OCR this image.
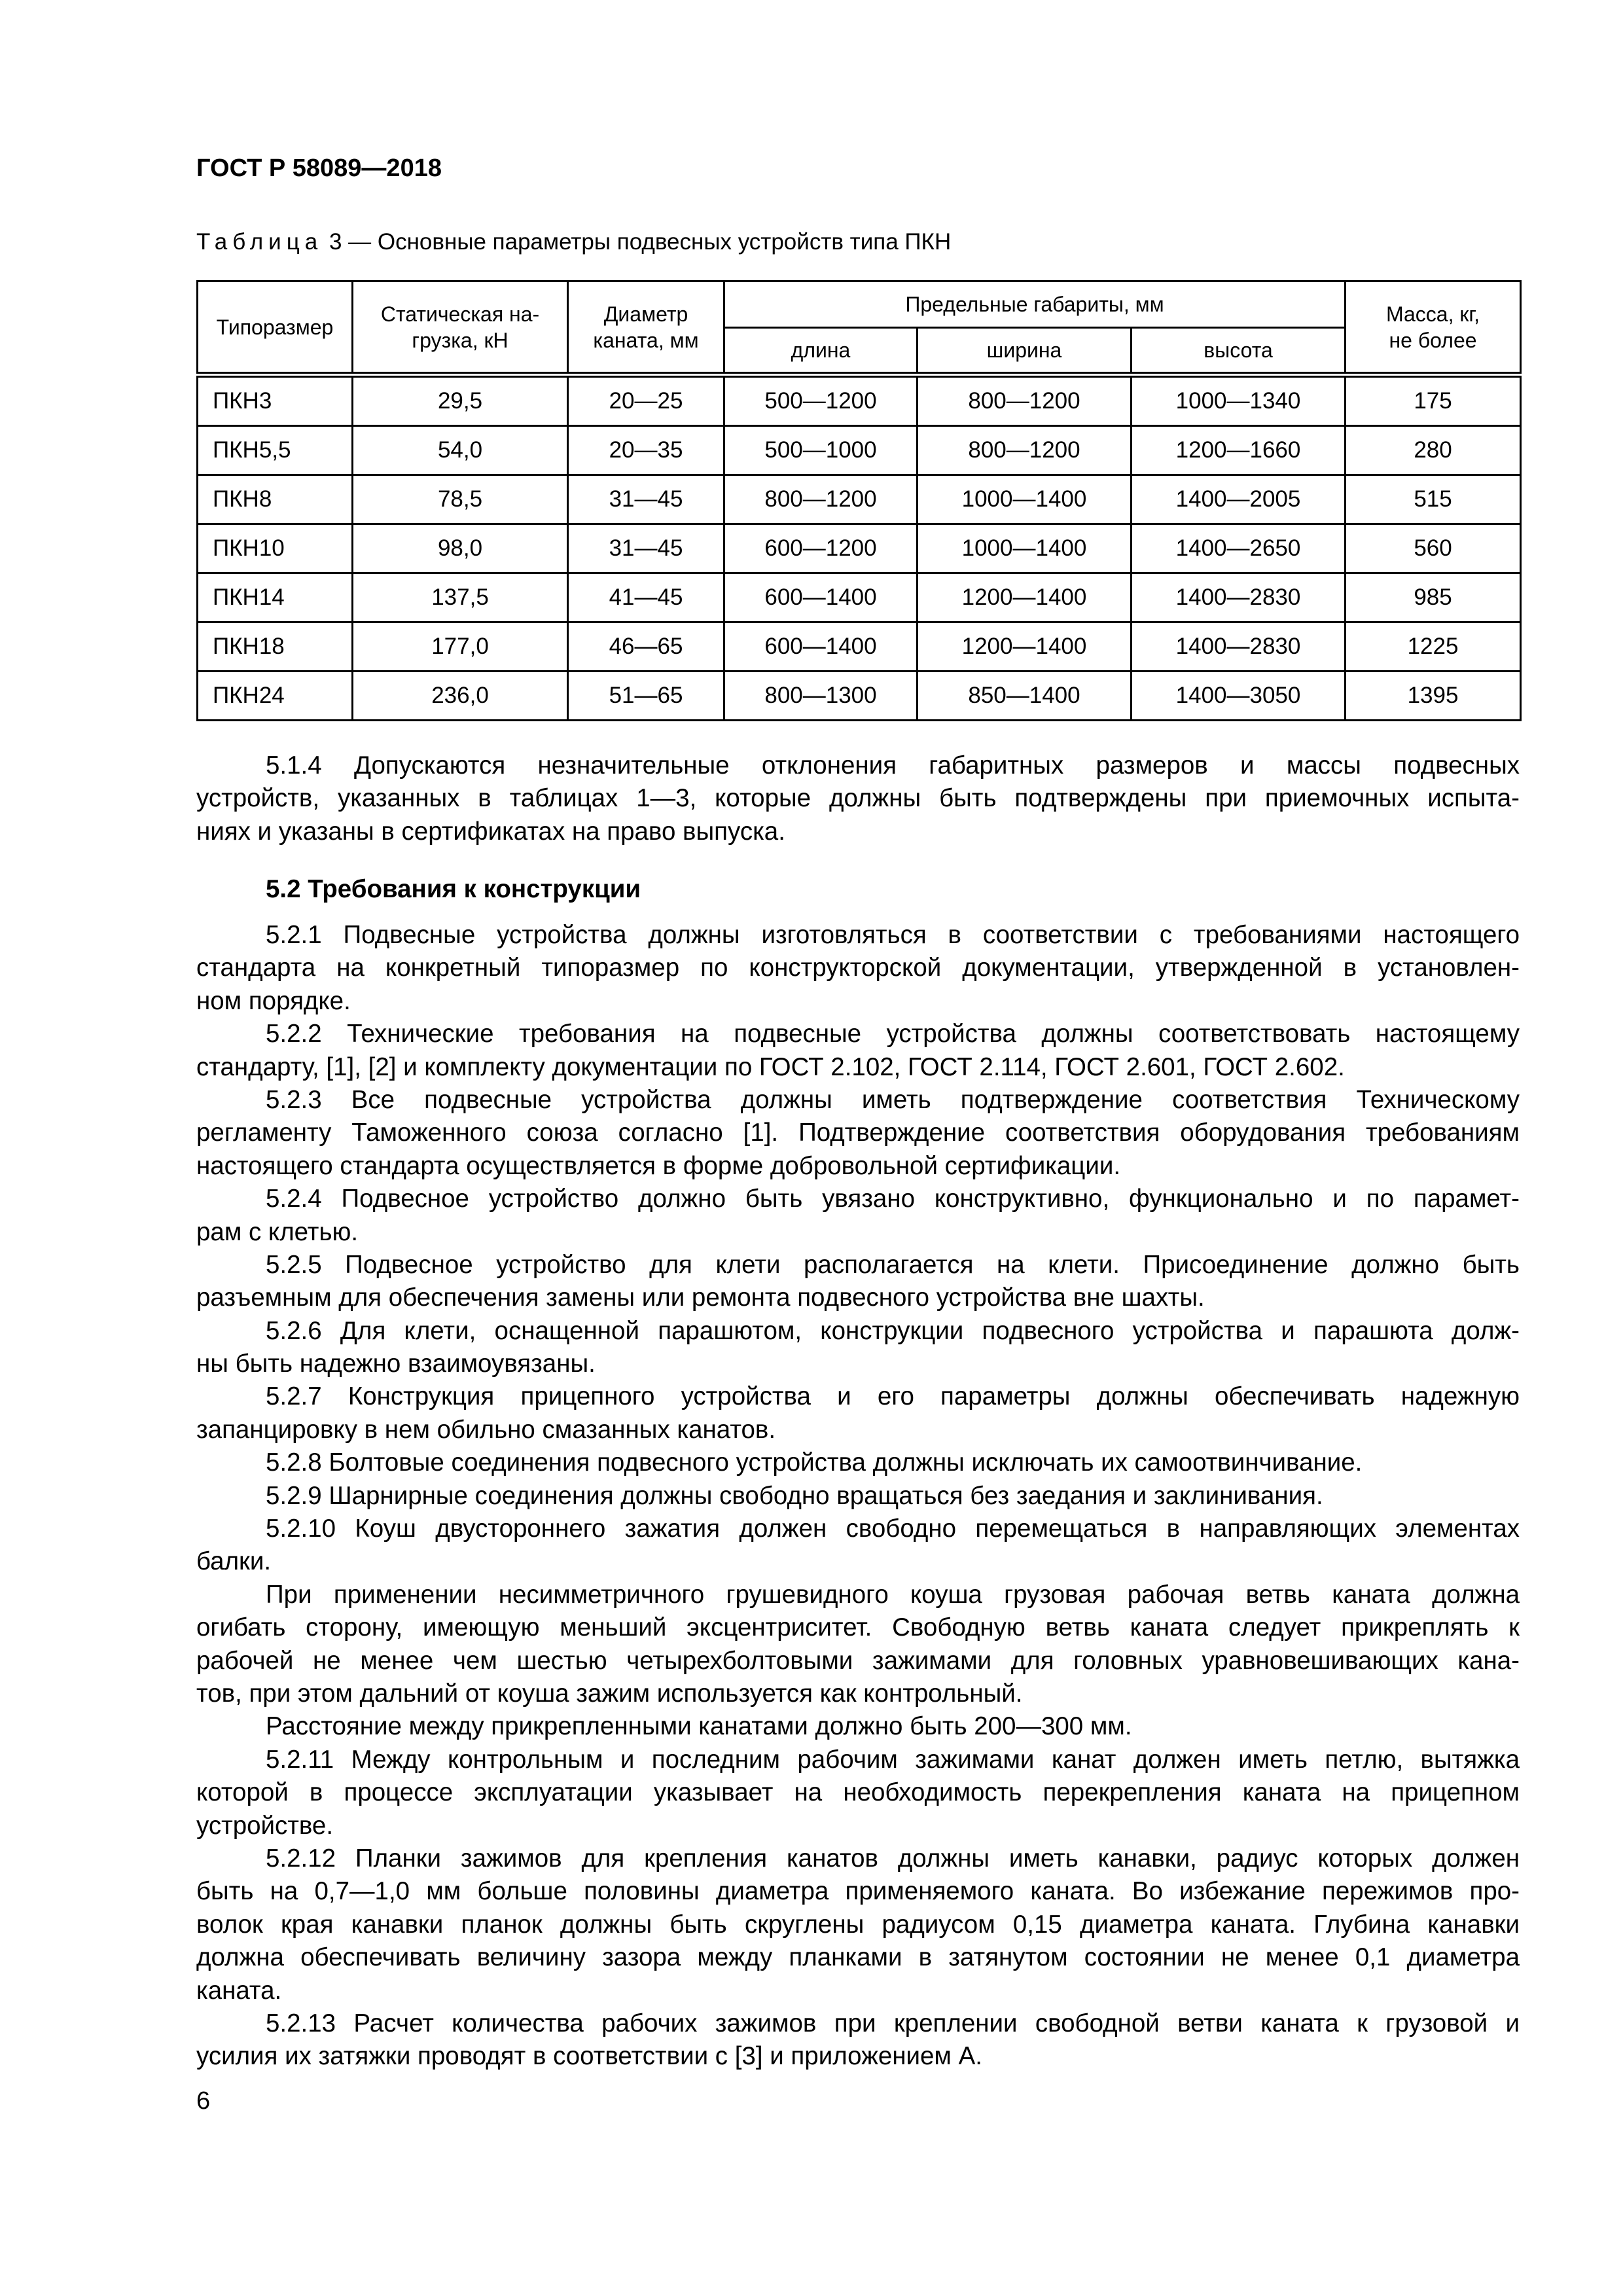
ГОСТ Р 58089—2018
Таблица 3 — Основные параметры подвесных устройств типа ПКН
Типоразмер	Статическая на-грузка, кН	Диаметр каната, мм	Предельные габариты, мм			Масса, кг, не более
			длина	ширина	высота	
ПКН3	29,5	20—25	500—1200	800—1200	1000—1340	175
ПКН5,5	54,0	20—35	500—1000	800—1200	1200—1660	280
ПКН8	78,5	31—45	800—1200	1000—1400	1400—2005	515
ПКН10	98,0	31—45	600—1200	1000—1400	1400—2650	560
ПКН14	137,5	41—45	600—1400	1200—1400	1400—2830	985
ПКН18	177,0	46—65	600—1400	1200—1400	1400—2830	1225
ПКН24	236,0	51—65	800—1300	850—1400	1400—3050	1395
5.1.4 Допускаются незначительные отклонения габаритных размеров и массы подвесных
устройств, указанных в таблицах 1—3, которые должны быть подтверждены при приемочных испыта-
ниях и указаны в сертификатах на право выпуска.
5.2 Требования к конструкции
5.2.1 Подвесные устройства должны изготовляться в соответствии с требованиями настоящего
стандарта на конкретный типоразмер по конструкторской документации, утвержденной в установлен-
ном порядке.
5.2.2 Технические требования на подвесные устройства должны соответствовать настоящему
стандарту, [1], [2] и комплекту документации по ГОСТ 2.102, ГОСТ 2.114, ГОСТ 2.601, ГОСТ 2.602.
5.2.3 Все подвесные устройства должны иметь подтверждение соответствия Техническому
регламенту Таможенного союза согласно [1]. Подтверждение соответствия оборудования требованиям
настоящего стандарта осуществляется в форме добровольной сертификации.
5.2.4 Подвесное устройство должно быть увязано конструктивно, функционально и по парамет-
рам с клетью.
5.2.5 Подвесное устройство для клети располагается на клети. Присоединение должно быть
разъемным для обеспечения замены или ремонта подвесного устройства вне шахты.
5.2.6 Для клети, оснащенной парашютом, конструкции подвесного устройства и парашюта долж-
ны быть надежно взаимоувязаны.
5.2.7 Конструкция прицепного устройства и его параметры должны обеспечивать надежную
запанцировку в нем обильно смазанных канатов.
5.2.8 Болтовые соединения подвесного устройства должны исключать их самоотвинчивание.
5.2.9 Шарнирные соединения должны свободно вращаться без заедания и заклинивания.
5.2.10 Коуш двустороннего зажатия должен свободно перемещаться в направляющих элементах
балки.
При применении несимметричного грушевидного коуша грузовая рабочая ветвь каната должна
огибать сторону, имеющую меньший эксцентриситет. Свободную ветвь каната следует прикреплять к
рабочей не менее чем шестью четырехболтовыми зажимами для головных уравновешивающих кана-
тов, при этом дальний от коуша зажим используется как контрольный.
Расстояние между прикрепленными канатами должно быть 200—300 мм.
5.2.11 Между контрольным и последним рабочим зажимами канат должен иметь петлю, вытяжка
которой в процессе эксплуатации указывает на необходимость перекрепления каната на прицепном
устройстве.
5.2.12 Планки зажимов для крепления канатов должны иметь канавки, радиус которых должен
быть на 0,7—1,0 мм больше половины диаметра применяемого каната. Во избежание пережимов про-
волок края канавки планок должны быть скруглены радиусом 0,15 диаметра каната. Глубина канавки
должна обеспечивать величину зазора между планками в затянутом состоянии не менее 0,1 диаметра
каната.
5.2.13 Расчет количества рабочих зажимов при креплении свободной ветви каната к грузовой и
усилия их затяжки проводят в соответствии с [3] и приложением А.
6
